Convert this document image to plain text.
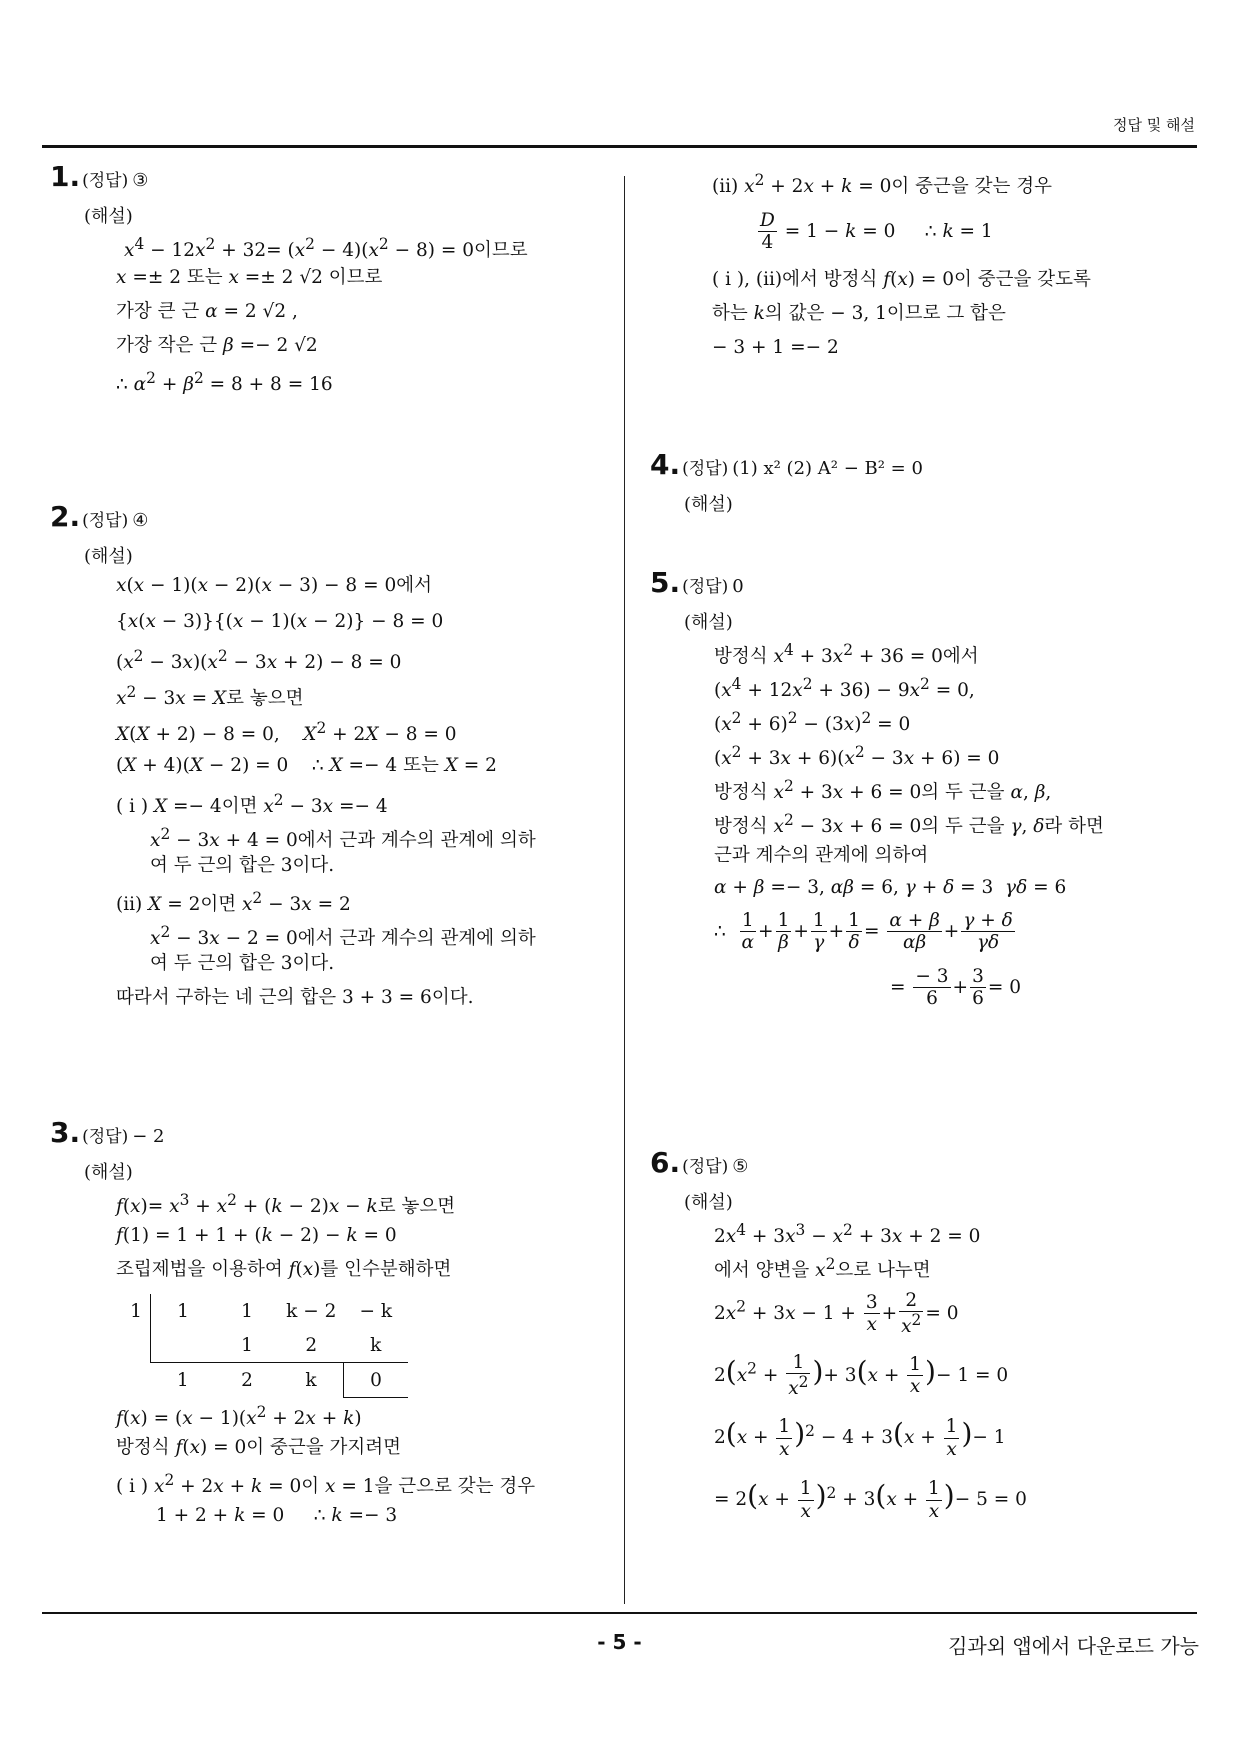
정답 및 해설
1. (정답) ③
(해설)
$x^4 - 12x^2 + 32= (x^2 - 4)(x^2 - 8) = 0$이므로
x =± 2 또는 x =± 2 √2 이므로
가장 큰 근 α = 2 √2 ,
가장 작은 근 β =− 2 √2
∴ $\alpha^2 + \beta^2 = 8 + 8 = 16$
2. (정답) ④
(해설)
x(x − 1)(x − 2)(x − 3) − 8 = 0에서
{x(x − 3)}{(x − 1)(x − 2)} − 8 = 0
$(x^2 - 3x)(x^2 - 3x + 2) - 8 = 0$
$x^2 - 3x = X$로 놓으면
X(X + 2) − 8 = 0,    $X^2 + 2X - 8 = 0$
(X + 4)(X − 2) = 0    ∴ X =− 4 또는 X = 2
( i ) X =− 4이면 $x^2 - 3x =- 4$
$x^2 - 3x + 4 = 0$에서 근과 계수의 관계에 의하
여 두 근의 합은 3이다.
(ii) X = 2이면 $x^2 - 3x = 2$
$x^2 - 3x - 2 = 0$에서 근과 계수의 관계에 의하
여 두 근의 합은 3이다.
따라서 구하는 네 근의 합은 3 + 3 = 6이다.
3. (정답) − 2
(해설)
$f(x)= x^3 + x^2 + (k - 2)x - k$로 놓으면
f(1) = 1 + 1 + (k − 2) − k = 0
조립제법을 이용하여 f(x)를 인수분해하면
1	1	1	k − 2	− k
		1	2	k
	1	2	k	0
$f(x) = (x - 1)(x^2 + 2x + k)$
방정식 f(x) = 0이 중근을 가지려면
( i ) $x^2 + 2x + k = 0$이 x = 1을 근으로 갖는 경우
1 + 2 + k = 0     ∴ k =− 3
(ii) $x^2 + 2x + k = 0$이 중근을 갖는 경우
$\frac{D}{4} = 1 - k = 0$     ∴ k = 1
( i ), (ii)에서 방정식 f(x) = 0이 중근을 갖도록
하는 k의 값은 − 3, 1이므로 그 합은
− 3 + 1 =− 2
4. (정답) (1) x² (2) A² − B² = 0
(해설)
5. (정답) 0
(해설)
방정식 $x^4 + 3x^2 + 36 = 0$에서
$(x^4 + 12x^2 + 36) - 9x^2 = 0$,
$(x^2 + 6)^2 - (3x)^2 = 0$
$(x^2 + 3x + 6)(x^2 - 3x + 6) = 0$
방정식 $x^2 + 3x + 6 = 0$의 두 근을 α, β,
방정식 $x^2 - 3x + 6 = 0$의 두 근을 γ, δ라 하면
근과 계수의 관계에 의하여
α + β =− 3, αβ = 6, γ + δ = 3  γδ = 6
∴ $\frac{1}{\alpha} + \frac{1}{\beta} + \frac{1}{\gamma} + \frac{1}{\delta} = \frac{\alpha + \beta}{\alpha\beta} + \frac{\gamma + \delta}{\gamma\delta}$
= $\frac{- 3}{6} + \frac{3}{6} = 0$
6. (정답) ⑤
(해설)
$2x^4 + 3x^3 - x^2 + 3x + 2 = 0$
에서 양변을 $x^2$으로 나누면
$2x^2 + 3x - 1 + \frac{3}{x} + \frac{2}{x^2} = 0$
$2(x^2 + \frac{1}{x^2}$ )+ $3(x + \frac{1}{x}$ )− 1 = 0
$2(x + \frac{1}{x} )^2 - 4 + 3(x + \frac{1}{x}$ )− 1
= $2(x + \frac{1}{x} )^2 + 3(x + \frac{1}{x}$ )− 5 = 0
- 5 -	김과외 앱에서 다운로드 가능
